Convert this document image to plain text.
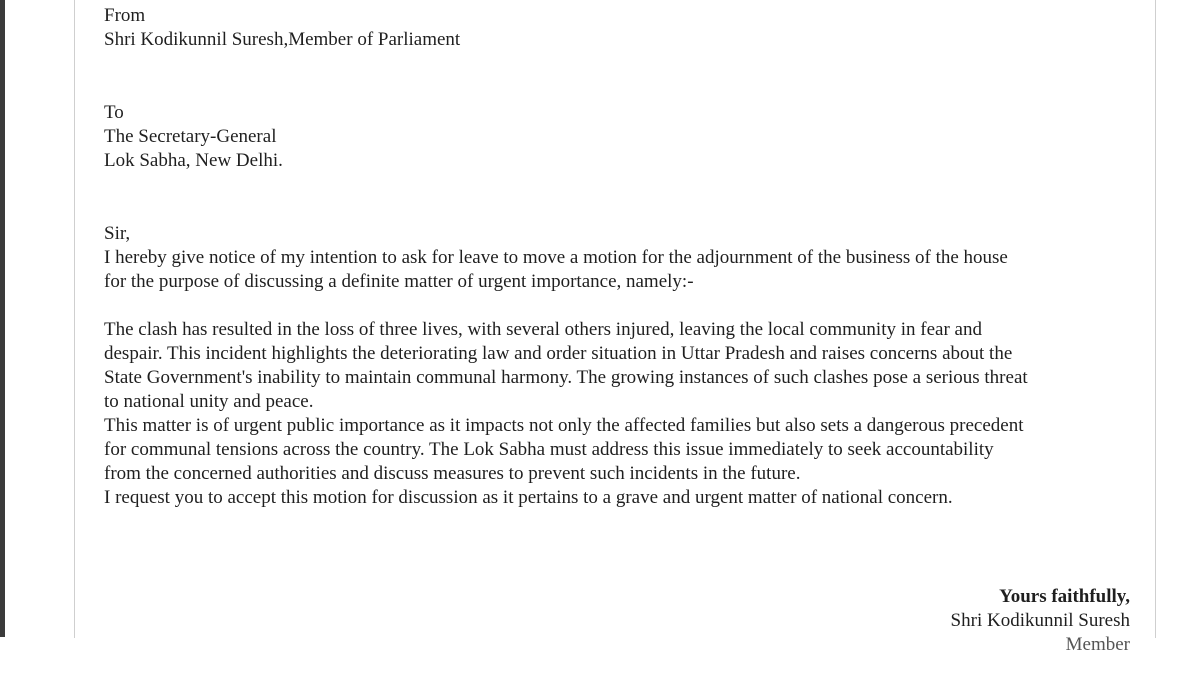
From
Shri Kodikunnil Suresh,Member of Parliament
To
The Secretary-General
Lok Sabha, New Delhi.
Sir,
I hereby give notice of my intention to ask for leave to move a motion for the adjournment of the business of the house
for the purpose of discussing a definite matter of urgent importance, namely:-
The clash has resulted in the loss of three lives, with several others injured, leaving the local community in fear and
despair. This incident highlights the deteriorating law and order situation in Uttar Pradesh and raises concerns about the
State Government's inability to maintain communal harmony. The growing instances of such clashes pose a serious threat
to national unity and peace.
This matter is of urgent public importance as it impacts not only the affected families but also sets a dangerous precedent
for communal tensions across the country. The Lok Sabha must address this issue immediately to seek accountability
from the concerned authorities and discuss measures to prevent such incidents in the future.
I request you to accept this motion for discussion as it pertains to a grave and urgent matter of national concern.
Yours faithfully,
Shri Kodikunnil Suresh
Member
